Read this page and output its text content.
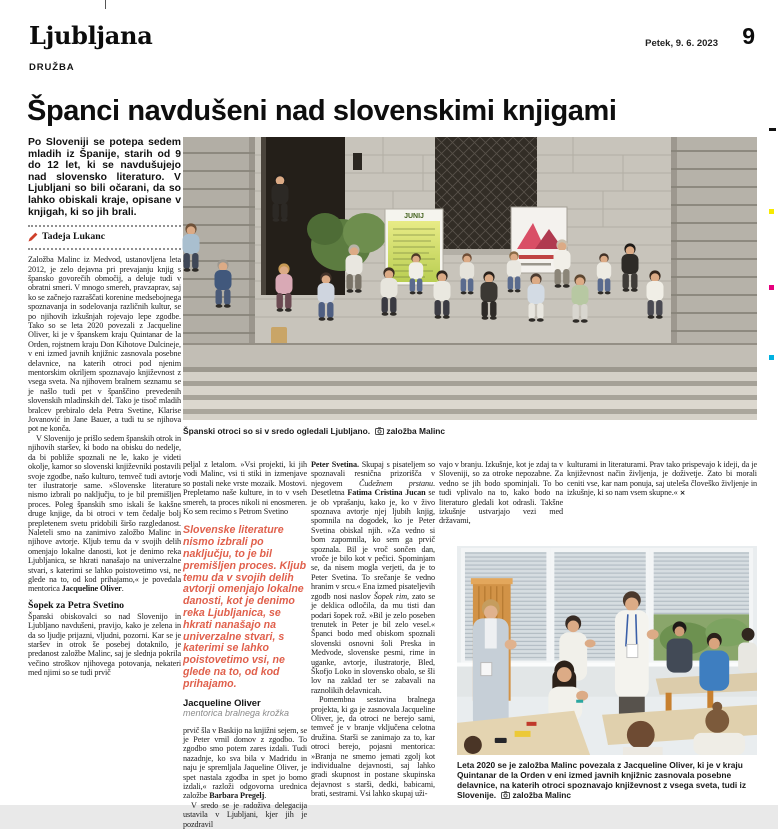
Ljubljana	Petek, 9. 6. 2023 9
DRUŽBA
Španci navdušeni nad slovenskimi knjigami
Po Sloveniji se potepa sedem mladih iz Španije, starih od 9 do 12 let, ki se navdušujejo nad slovensko literaturo. V Ljubljani so bili očarani, da so lahko obiskali kraje, opisane v knjigah, ki so jih brali.
Tadeja Lukanc

Založba Malinc iz Medvod, ustanovljena leta 2012, je zelo dejavna pri prevajanju knjig s špansko govorečih območij, a deluje tudi v obratni smeri. V mnogo smereh, pravzaprav, saj ko se začnejo razraščati korenine medsebojnega spoznavanja in sodelovanja različnih kultur, se po njihovih izkušnjah rojevajo lepe zgodbe. Tako so se leta 2020 povezali z Jacqueline Oliver, ki je v španskem kraju Quintanar de la Orden, rojstnem kraju Don Kihotove Dulcineje, v eni izmed javnih knjižnic zasnovala posebne delavnice, na katerih otroci pod njenim mentorskim okriljem spoznavajo književnost z vsega sveta. Na njihovem bralnem seznamu se je našlo tudi pet v španščino prevedenih slovenskih mladinskih del. Tako je tisoč mladih bralcev prebiralo dela Petra Svetine, Klarise Jovanović in Jane Bauer, a tudi tu se njihova pot ne konča.

V Slovenijo je prišlo sedem španskih otrok in njihovih staršev, ki bodo na obisku do nedelje, da bi pobliže spoznali ne le, kako je videti okolje, kamor so slovenski književniki postavili svoje zgodbe, našo kulturo, temveč tudi avtorje ter ilustratorje same. »Slovenske literature nismo izbrali po naključju, to je bil premišljen proces. Poleg španskih smo iskali še kakšne druge knjige, da bi otroci v tem čedalje bolj prepletenem svetu pridobili širšo razgledanost. Naleteli smo na zanimivo založbo Malinc in njihove avtorje. Kljub temu da v svojih delih omenjajo lokalne danosti, kot je denimo reka Ljubljanica, se hkrati nanašajo na univerzalne stvari, s katerimi se lahko poistovetimo vsi, ne glede na to, od kod prihajamo,« je povedala mentorica Jacqueline Oliver.

Šopek za Petra Svetino

Španski obiskovalci so nad Slovenijo in Ljubljano navdušeni, pravijo, kako je zelena in da so ljudje prijazni, vljudni, pozorni. Kar se je staršev in otrok še posebej dotaknilo, je predanost založbe Malinc, saj je slednja pokrila večino stroškov njihovega potovanja, nekateri med njimi so se tudi prvič

JUNIJ
Španski otroci so si v sredo ogledali Ljubljano. založba Malinc

peljal z letalom. »Vsi projekti, ki jih vodi Malinc, vsi ti stiki in izmenjave so postali neke vrste mozaik. Mostovi. Prepletamo naše kulture, in to v vseh smereh, ta proces nikoli ni enosmeren. Ko sem recimo s Petrom Svetino

Slovenske literature nismo izbrali po naključju, to je bil premišljen proces. Kljub temu da v svojih delih avtorji omenjajo lokalne danosti, kot je denimo reka Ljubljanica, se hkrati nanašajo na univerzalne stvari, s katerimi se lahko poistovetimo vsi, ne glede na to, od kod prihajamo.
Jacqueline Oliver
mentorica bralnega krožka

prvič šla v Baskijo na knjižni sejem, se je Peter vrnil domov z zgodbo. To zgodbo smo potem zares izdali. Tudi nazadnje, ko sva bila v Madridu in naju je spremljala Jaqueline Oliver, je spet nastala zgodba in spet jo bomo izdali,« razloži odgovorna urednica založbe Barbara Pregelj.

V sredo se je radoživa delegacija ustavila v Ljubljani, kjer jih je pozdravil

Peter Svetina. Skupaj s pisateljem so spoznavali resnična prizorišča v njegovem Čudežnem prstanu. Desetletna Fatima Cristina Jucan se je ob vprašanju, kako je, ko v živo spoznava avtorje njej ljubih knjig, spomnila na dogodek, ko je Peter Svetina obiskal njih. »Za vedno si bom zapomnila, ko sem ga prvič spoznala. Bil je vroč sončen dan, vroče je bilo kot v pečici. Spominjam se, da nisem mogla verjeti, da je to Peter Svetina. To srečanje še vedno hranim v srcu.« Ena izmed pisateljevih zgodb nosi naslov Šopek rim, zato se je deklica odločila, da mu tisti dan podari šopek rož. »Bil je zelo poseben trenutek in Peter je bil zelo vesel.« Španci bodo med obiskom spoznali slovenski osnovni šoli Preska in Medvode, slovenske pesmi, rime in uganke, avtorje, ilustratorje, Bled, Škofjo Loko in slovensko obalo, se šli lov na zaklad ter se zabavali na raznolikih delavnicah.

Pomembna sestavina bralnega projekta, ki ga je zasnovala Jacqueline Oliver, je, da otroci ne berejo sami, temveč je v branje vključena celotna družina. Starši se zanimajo za to, kar otroci berejo, pojasni mentorica: »Branja ne smemo jemati zgolj kot individualne dejavnosti, saj lahko gradi skupnost in postane skupinska dejavnost s starši, dedki, babicami, brati, sestrami. Vsi lahko skupaj uži-

vajo v branju. Izkušnje, kot je zdaj ta v Sloveniji, so za otroke nepozabne. Za vedno se jih bodo spominjali. To bo tudi vplivalo na to, kako bodo na literaturo gledali kot odrasli. Takšne izkušnje ustvarjajo vezi med državami,

kulturami in literaturami. Prav tako prispevajo k ideji, da je književnost način življenja, je doživetje. Zato bi morali ceniti vse, kar nam ponuja, saj uteleša človeško življenje in izkušnje, ki so nam vsem skupne.« ×

Leta 2020 se je založba Malinc povezala z Jacqueline Oliver, ki je v kraju Quintanar de la Orden v eni izmed javnih knjižnic zasnovala posebne delavnice, na katerih otroci spoznavajo književnost z vsega sveta, tudi iz Slovenije. založba Malinc
